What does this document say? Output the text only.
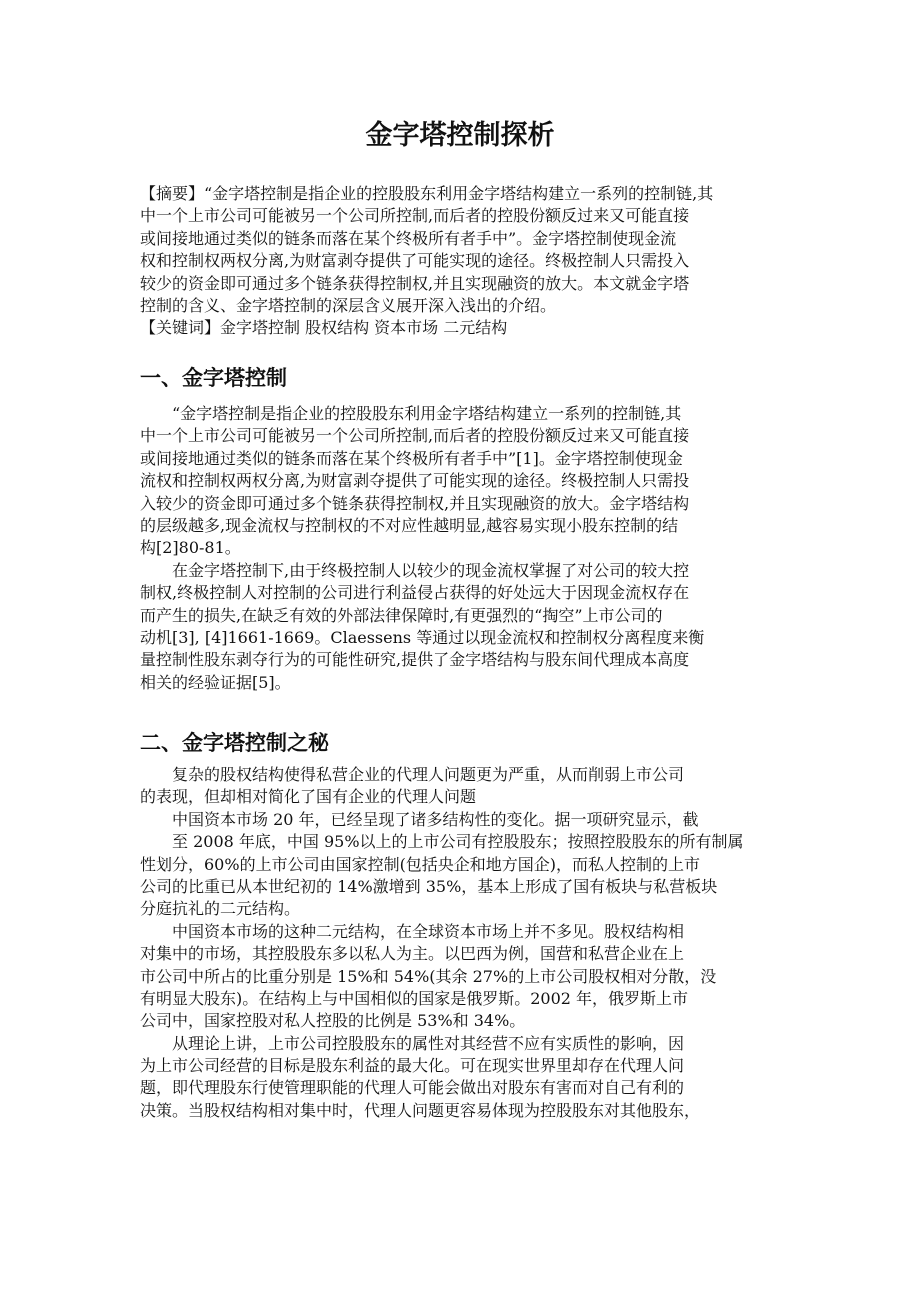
金字塔控制探析
【摘要】“金字塔控制是指企业的控股股东利用金字塔结构建立一系列的控制链,其
中一个上市公司可能被另一个公司所控制,而后者的控股份额反过来又可能直接
或间接地通过类似的链条而落在某个终极所有者手中”。金字塔控制使现金流
权和控制权两权分离,为财富剥夺提供了可能实现的途径。终极控制人只需投入
较少的资金即可通过多个链条获得控制权,并且实现融资的放大。本文就金字塔
控制的含义、金字塔控制的深层含义展开深入浅出的介绍。
【关键词】金字塔控制 股权结构 资本市场 二元结构
一、金字塔控制
“金字塔控制是指企业的控股股东利用金字塔结构建立一系列的控制链,其
中一个上市公司可能被另一个公司所控制,而后者的控股份额反过来又可能直接
或间接地通过类似的链条而落在某个终极所有者手中”[1]。金字塔控制使现金
流权和控制权两权分离,为财富剥夺提供了可能实现的途径。终极控制人只需投
入较少的资金即可通过多个链条获得控制权,并且实现融资的放大。金字塔结构
的层级越多,现金流权与控制权的不对应性越明显,越容易实现小股东控制的结
构[2]80-81。
在金字塔控制下,由于终极控制人以较少的现金流权掌握了对公司的较大控
制权,终极控制人对控制的公司进行利益侵占获得的好处远大于因现金流权存在
而产生的损失,在缺乏有效的外部法律保障时,有更强烈的“掏空”上市公司的
动机[3], [4]1661-1669。Claessens 等通过以现金流权和控制权分离程度来衡
量控制性股东剥夺行为的可能性研究,提供了金字塔结构与股东间代理成本高度
相关的经验证据[5]。
二、金字塔控制之秘
复杂的股权结构使得私营企业的代理人问题更为严重，从而削弱上市公司
的表现，但却相对简化了国有企业的代理人问题
中国资本市场 20 年，已经呈现了诸多结构性的变化。据一项研究显示，截
至 2008 年底，中国 95%以上的上市公司有控股股东；按照控股股东的所有制属
性划分，60%的上市公司由国家控制(包括央企和地方国企)，而私人控制的上市
公司的比重已从本世纪初的 14%激增到 35%，基本上形成了国有板块与私营板块
分庭抗礼的二元结构。
中国资本市场的这种二元结构，在全球资本市场上并不多见。股权结构相
对集中的市场，其控股股东多以私人为主。以巴西为例，国营和私营企业在上
市公司中所占的比重分别是 15%和 54%(其余 27%的上市公司股权相对分散，没
有明显大股东)。在结构上与中国相似的国家是俄罗斯。2002 年，俄罗斯上市
公司中，国家控股对私人控股的比例是 53%和 34%。
从理论上讲，上市公司控股股东的属性对其经营不应有实质性的影响，因
为上市公司经营的目标是股东利益的最大化。可在现实世界里却存在代理人问
题，即代理股东行使管理职能的代理人可能会做出对股东有害而对自己有利的
决策。当股权结构相对集中时，代理人问题更容易体现为控股股东对其他股东，
